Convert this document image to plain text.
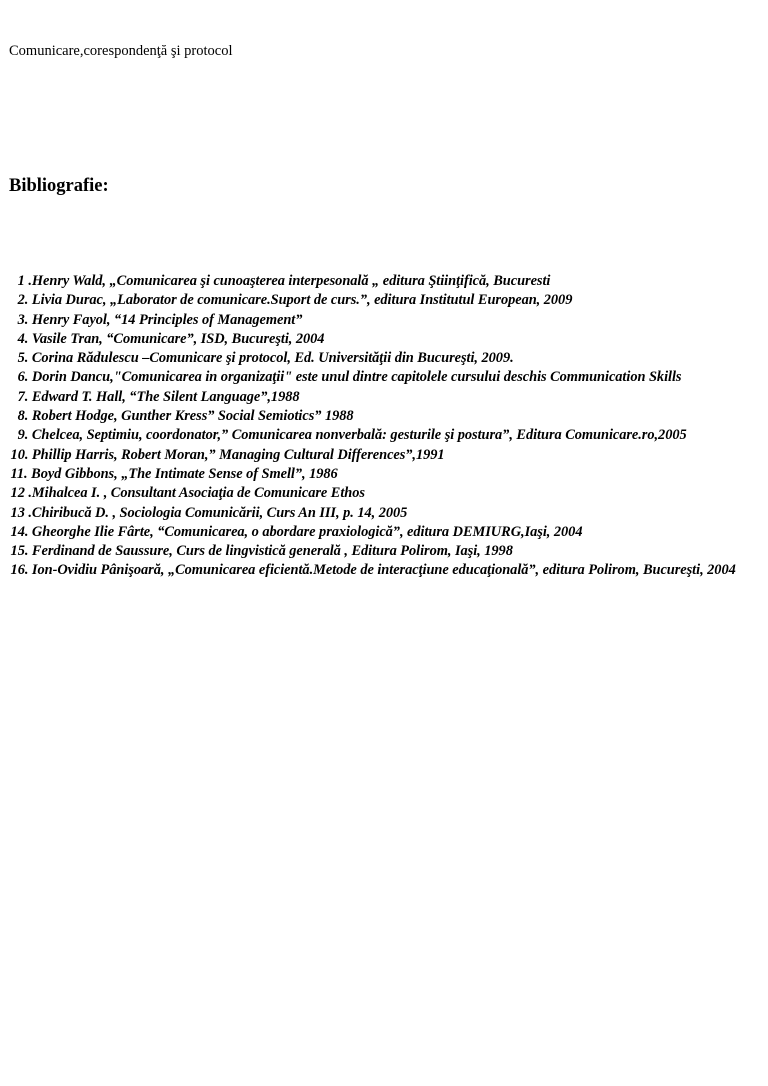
Comunicare,corespondenţă şi protocol
Bibliografie:
1 .Henry Wald, „Comunicarea şi cunoaşterea interpesonală „ editura Ştiinţifică, Bucuresti
2. Livia Durac, „Laborator de comunicare.Suport de curs.”, editura Institutul European, 2009
3. Henry Fayol, “14 Principles of Management”
4. Vasile Tran, “Comunicare”, ISD, Bucureşti, 2004
5. Corina Rădulescu –Comunicare şi protocol, Ed. Universităţii din Bucureşti, 2009.
6. Dorin Dancu,"Comunicarea in organizaţii" este unul dintre capitolele cursului deschis Communication Skills
7. Edward T. Hall, “The Silent Language”,1988
8. Robert Hodge, Gunther Kress” Social Semiotics” 1988
9. Chelcea, Septimiu, coordonator,” Comunicarea nonverbală: gesturile şi postura”, Editura Comunicare.ro,2005
10. Phillip Harris, Robert Moran,” Managing Cultural Differences”,1991
11. Boyd Gibbons, „The Intimate Sense of Smell”, 1986
12 .Mihalcea I. , Consultant Asociaţia de Comunicare Ethos
13 .Chiribucă D. , Sociologia Comunicării, Curs An III, p. 14, 2005
14. Gheorghe Ilie Fârte, “Comunicarea, o abordare praxiologică”, editura DEMIURG,Iaşi, 2004
15. Ferdinand de Saussure, Curs de lingvistică generală , Editura Polirom, Iaşi, 1998
16. Ion-Ovidiu Pânişoară, „Comunicarea eficientă.Metode de interacţiune educaţională”, editura Polirom, Bucureşti, 2004
